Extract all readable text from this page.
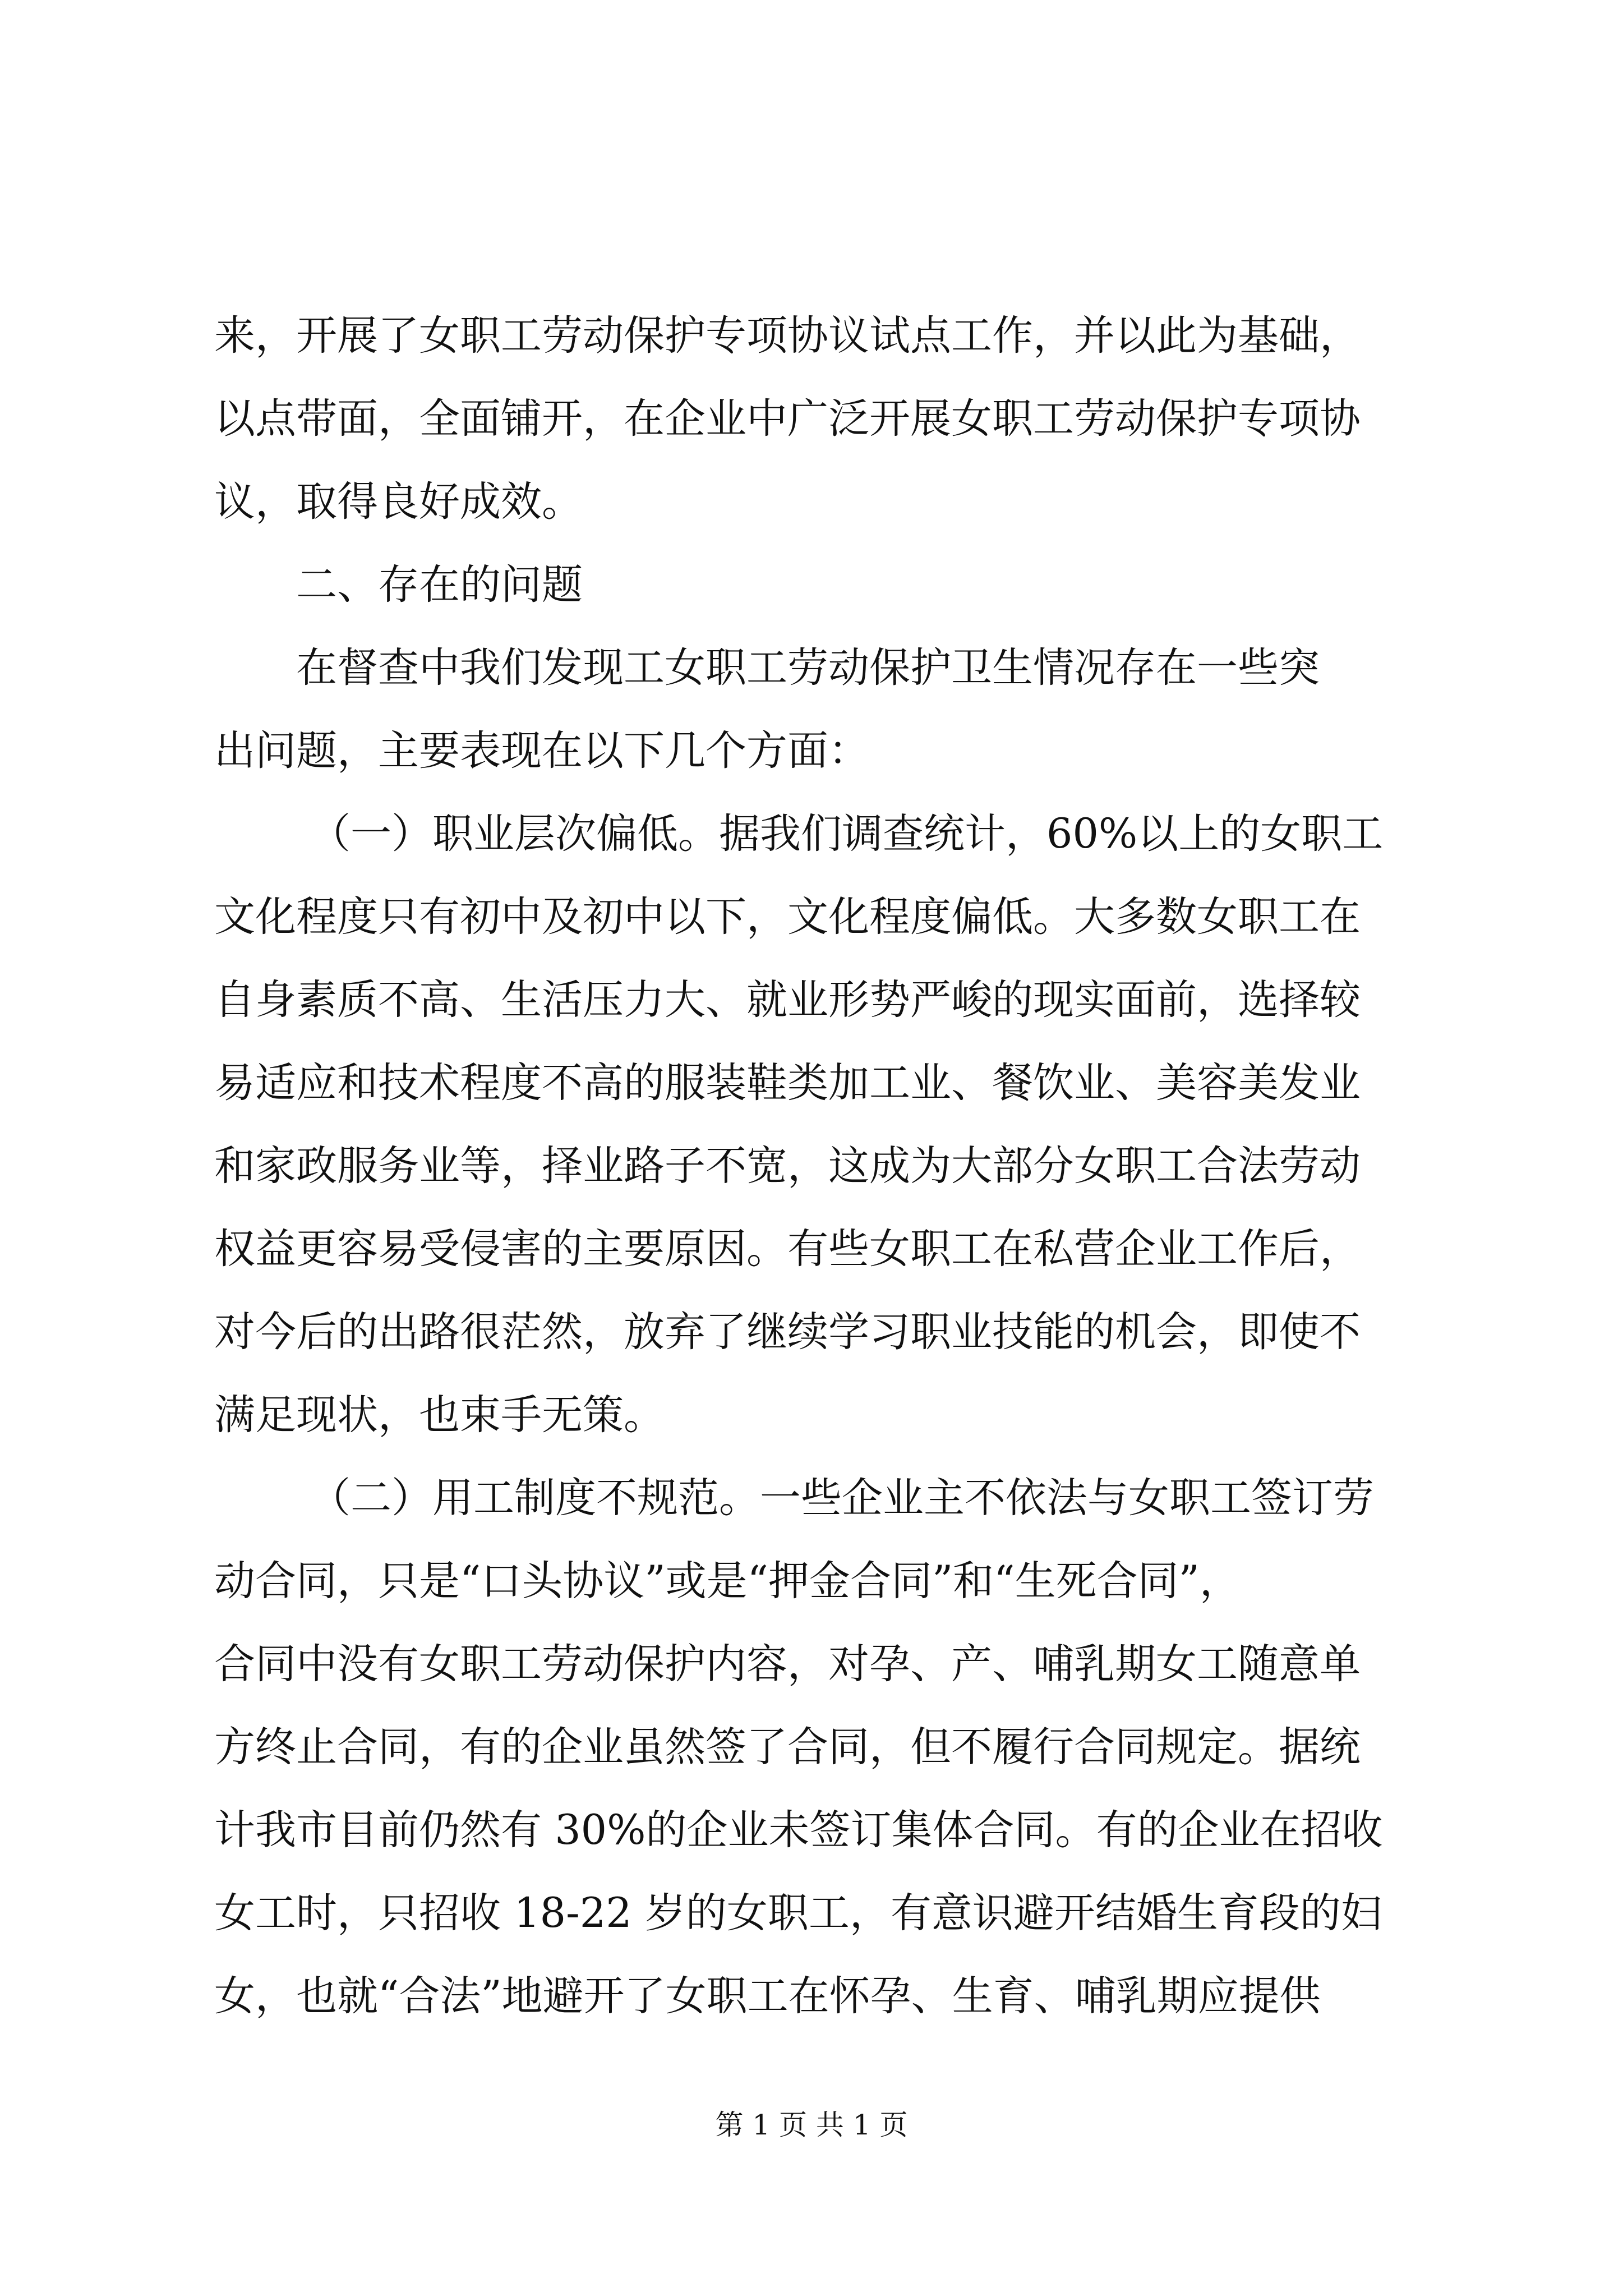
来，开展了女职工劳动保护专项协议试点工作，并以此为基础，
以点带面，全面铺开，在企业中广泛开展女职工劳动保护专项协
议，取得良好成效。
二、存在的问题
在督查中我们发现工女职工劳动保护卫生情况存在一些突
出问题，主要表现在以下几个方面：
（一）职业层次偏低。据我们调查统计，60%以上的女职工
文化程度只有初中及初中以下，文化程度偏低。大多数女职工在
自身素质不高、生活压力大、就业形势严峻的现实面前，选择较
易适应和技术程度不高的服装鞋类加工业、餐饮业、美容美发业
和家政服务业等，择业路子不宽，这成为大部分女职工合法劳动
权益更容易受侵害的主要原因。有些女职工在私营企业工作后，
对今后的出路很茫然，放弃了继续学习职业技能的机会，即使不
满足现状，也束手无策。
（二）用工制度不规范。一些企业主不依法与女职工签订劳
动合同，只是“口头协议”或是“押金合同”和“生死合同”，
合同中没有女职工劳动保护内容，对孕、产、哺乳期女工随意单
方终止合同，有的企业虽然签了合同，但不履行合同规定。据统
计我市目前仍然有 30%的企业未签订集体合同。有的企业在招收
女工时，只招收 18-22 岁的女职工，有意识避开结婚生育段的妇
女，也就“合法”地避开了女职工在怀孕、生育、哺乳期应提供
第 1 页 共 1 页
